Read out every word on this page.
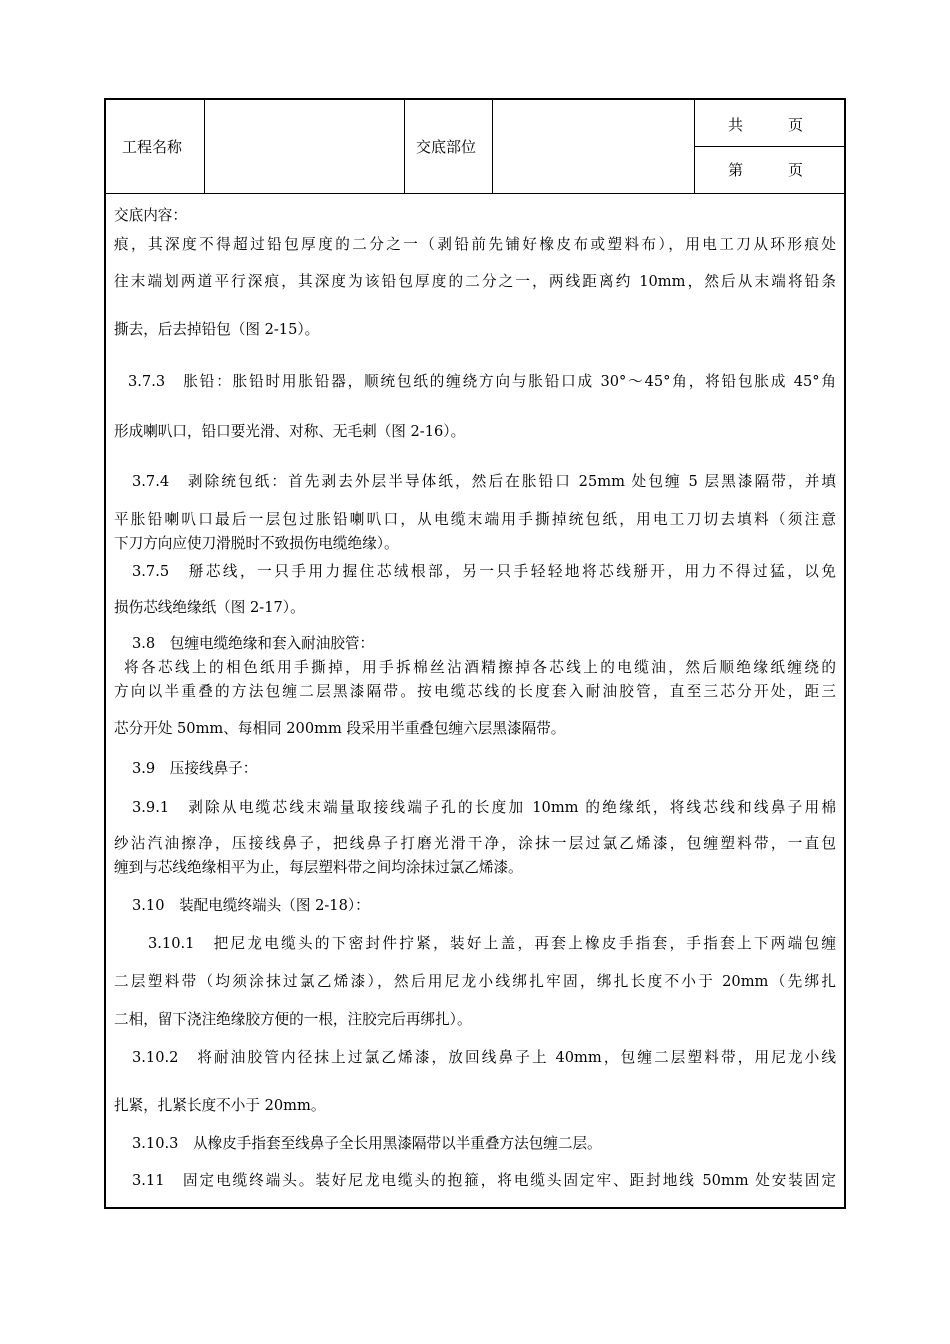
工程名称	交底部位
共　　　页
第　　　页
交底内容：
痕，其深度不得超过铅包厚度的二分之一（剥铅前先铺好橡皮布或塑料布），用电工刀从环形痕处
往末端划两道平行深痕，其深度为该铅包厚度的二分之一，两线距离约 10mm，然后从末端将铅条
撕去，后去掉铅包（图 2-15）。
3.7.3　胀铅：胀铅时用胀铅器，顺统包纸的缠绕方向与胀铅口成 30°～45°角，将铅包胀成 45°角
形成喇叭口，铅口要光滑、对称、无毛刺（图 2-16）。
3.7.4　剥除统包纸：首先剥去外层半导体纸，然后在胀铅口 25mm 处包缠 5 层黑漆隔带，并填
平胀铅喇叭口最后一层包过胀铅喇叭口，从电缆末端用手撕掉统包纸，用电工刀切去填料（须注意
下刀方向应使刀滑脱时不致损伤电缆绝缘）。
3.7.5　掰芯线，一只手用力握住芯绒根部，另一只手轻轻地将芯线掰开，用力不得过猛，以免
损伤芯线绝缘纸（图 2-17）。
3.8　包缠电缆绝缘和套入耐油胶管：
将各芯线上的相色纸用手撕掉，用手拆棉丝沾酒精擦掉各芯线上的电缆油，然后顺绝缘纸缠绕的
方向以半重叠的方法包缠二层黑漆隔带。按电缆芯线的长度套入耐油胶管，直至三芯分开处，距三
芯分开处 50mm、每相同 200mm 段采用半重叠包缠六层黑漆隔带。
3.9　压接线鼻子：
3.9.1　剥除从电缆芯线末端量取接线端子孔的长度加 10mm 的绝缘纸，将线芯线和线鼻子用棉
纱沾汽油擦净，压接线鼻子，把线鼻子打磨光滑干净，涂抹一层过氯乙烯漆，包缠塑料带，一直包
缠到与芯线绝缘相平为止，每层塑料带之间均涂抹过氯乙烯漆。
3.10　装配电缆终端头（图 2-18）：
3.10.1　把尼龙电缆头的下密封件拧紧，装好上盖，再套上橡皮手指套，手指套上下两端包缠
二层塑料带（均须涂抹过氯乙烯漆），然后用尼龙小线绑扎牢固，绑扎长度不小于 20mm（先绑扎
二相，留下浇注绝缘胶方便的一根，注胶完后再绑扎）。
3.10.2　将耐油胶管内径抹上过氯乙烯漆，放回线鼻子上 40mm，包缠二层塑料带，用尼龙小线
扎紧，扎紧长度不小于 20mm。
3.10.3　从橡皮手指套至线鼻子全长用黑漆隔带以半重叠方法包缠二层。
3.11　固定电缆终端头。装好尼龙电缆头的抱箍，将电缆头固定牢、距封地线 50mm 处安装固定
